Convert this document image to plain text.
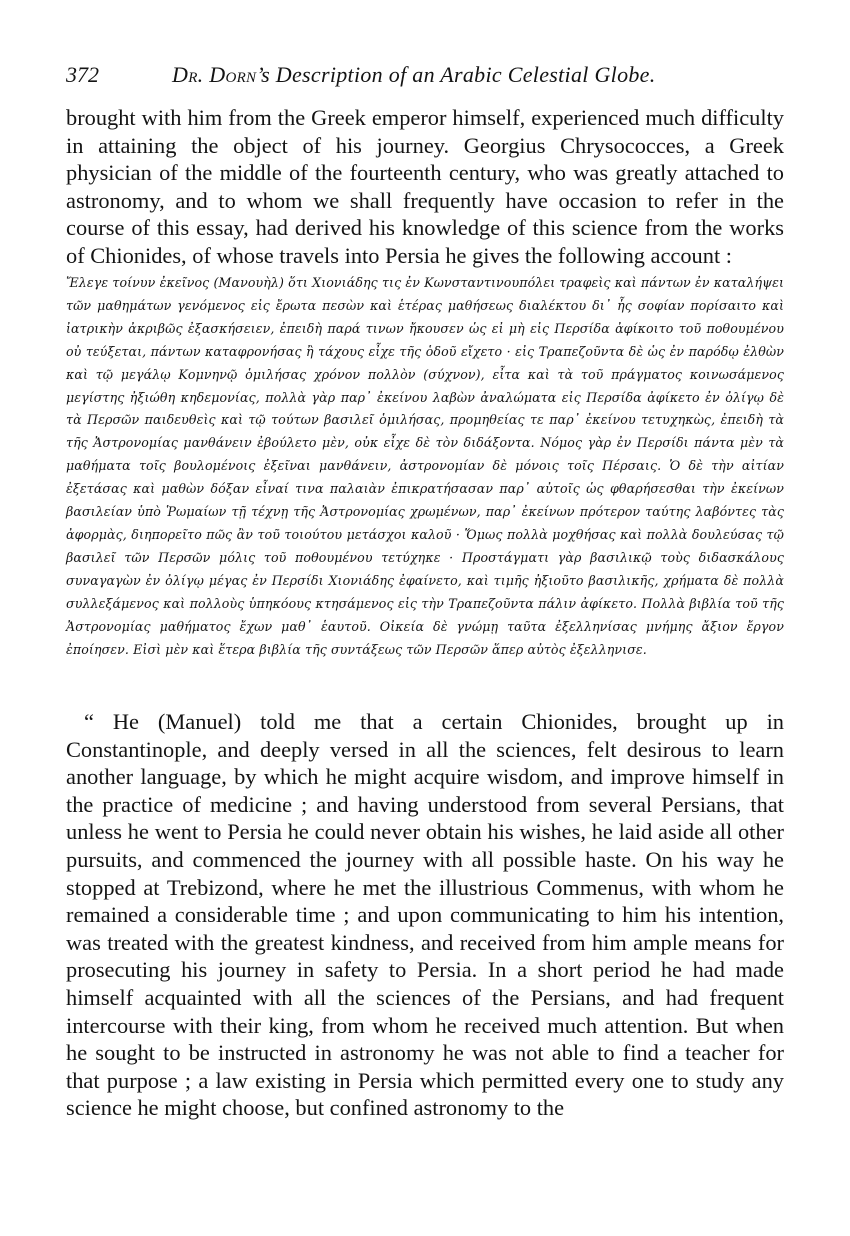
372	Dr. Dorn’s Description of an Arabic Celestial Globe.

brought with him from the Greek emperor himself, experienced much difficulty in attaining the object of his journey. Georgius Chrysococces, a Greek physician of the middle of the fourteenth century, who was greatly attached to astronomy, and to whom we shall frequently have occasion to refer in the course of this essay, had derived his knowledge of this science from the works of Chionides, of whose travels into Persia he gives the following account :

Ἔλεγε τοίνυν ἐκεῖνος (Μανουὴλ) ὅτι Χιονιάδης τις ἐν Κωνσταντινουπόλει τραφεὶς καὶ πάντων ἐν καταλήψει τῶν μαθημάτων γενόμενος εἰς ἔρωτα πεσὼν καὶ ἑτέρας μαθήσεως διαλέκτου δι᾽ ἧς σοφίαν πορίσαιτο καὶ ἰατρικὴν ἀκριβῶς ἐξασκήσειεν, ἐπειδὴ παρά τινων ἤκουσεν ὡς εἰ μὴ εἰς Περσίδα ἀφίκοιτο τοῦ ποθουμένου οὐ τεύξεται, πάντων καταφρονήσας ἢ τάχους εἶχε τῆς ὁδοῦ εἴχετο · εἰς Τραπεζοῦντα δὲ ὡς ἐν παρόδῳ ἐλθὼν καὶ τῷ μεγάλῳ Κομνηνῷ ὁμιλήσας χρόνον πολλὸν (σύχνον), εἶτα καὶ τὰ τοῦ πράγματος κοινωσάμενος μεγίστης ἠξιώθη κηδεμονίας, πολλὰ γὰρ παρ᾽ ἐκείνου λαβὼν ἀναλώματα εἰς Περσίδα ἀφίκετο ἐν ὀλίγῳ δὲ τὰ Περσῶν παιδευθεὶς καὶ τῷ τούτων βασιλεῖ ὁμιλήσας, προμηθείας τε παρ᾽ ἐκείνου τετυχηκὼς, ἐπειδὴ τὰ τῆς Ἀστρονομίας μανθάνειν ἐβούλετο μὲν, οὐκ εἶχε δὲ τὸν διδάξοντα. Νόμος γὰρ ἐν Περσίδι πάντα μὲν τὰ μαθήματα τοῖς βουλομένοις ἐξεῖναι μανθάνειν, ἀστρονομίαν δὲ μόνοις τοῖς Πέρσαις. Ὁ δὲ τὴν αἰτίαν ἐξετάσας καὶ μαθὼν δόξαν εἶναί τινα παλαιὰν ἐπικρατήσασαν παρ᾽ αὐτοῖς ὡς φθαρήσεσθαι τὴν ἐκείνων βασιλείαν ὑπὸ Ῥωμαίων τῇ τέχνῃ τῆς Ἀστρονομίας χρωμένων, παρ᾽ ἐκείνων πρότερον ταύτης λαβόντες τὰς ἀφορμὰς, διηπορεῖτο πῶς ἂν τοῦ τοιούτου μετάσχοι καλοῦ · Ὅμως πολλὰ μοχθήσας καὶ πολλὰ δουλεύσας τῷ βασιλεῖ τῶν Περσῶν μόλις τοῦ ποθουμένου τετύχηκε · Προστάγματι γὰρ βασιλικῷ τοὺς διδασκάλους συναγαγὼν ἐν ὀλίγῳ μέγας ἐν Περσίδι Χιονιάδης ἐφαίνετο, καὶ τιμῆς ἠξιοῦτο βασιλικῆς, χρήματα δὲ πολλὰ συλλεξάμενος καὶ πολλοὺς ὑπηκόους κτησάμενος εἰς τὴν Τραπεζοῦντα πάλιν ἀφίκετο. Πολλὰ βιβλία τοῦ τῆς Ἀστρονομίας μαθήματος ἔχων μαθ᾽ ἑαυτοῦ. Οἰκεία δὲ γνώμῃ ταῦτα ἐξελληνίσας μνήμης ἄξιον ἔργον ἐποίησεν. Εἰσὶ μὲν καὶ ἕτερα βιβλία τῆς συντάξεως τῶν Περσῶν ἅπερ αὐτὸς ἐξελληνισε.

“ He (Manuel) told me that a certain Chionides, brought up in Constantinople, and deeply versed in all the sciences, felt desirous to learn another language, by which he might acquire wisdom, and improve himself in the practice of medicine ; and having understood from several Persians, that unless he went to Persia he could never obtain his wishes, he laid aside all other pursuits, and commenced the journey with all possible haste. On his way he stopped at Trebizond, where he met the illustrious Commenus, with whom he remained a considerable time ; and upon communicating to him his intention, was treated with the greatest kindness, and received from him ample means for prosecuting his journey in safety to Persia. In a short period he had made himself acquainted with all the sciences of the Persians, and had frequent intercourse with their king, from whom he received much attention. But when he sought to be instructed in astronomy he was not able to find a teacher for that purpose ; a law existing in Persia which permitted every one to study any science he might choose, but confined astronomy to the
